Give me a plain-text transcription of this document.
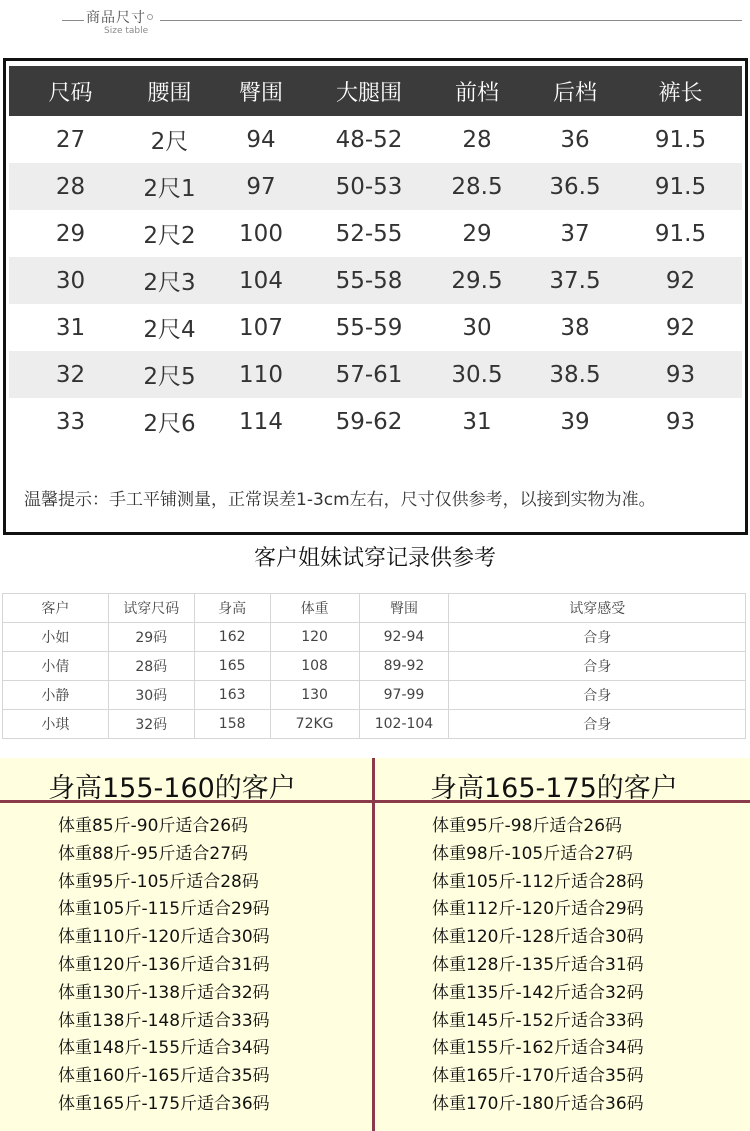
商品尺寸
Size table
尺码	腰围	臀围	大腿围	前档	后档	裤长
27	2尺	94	48-52	28	36	91.5
28	2尺1	97	50-53	28.5	36.5	91.5
29	2尺2	100	52-55	29	37	91.5
30	2尺3	104	55-58	29.5	37.5	92
31	2尺4	107	55-59	30	38	92
32	2尺5	110	57-61	30.5	38.5	93
33	2尺6	114	59-62	31	39	93
温馨提示：手工平铺测量，正常误差1-3cm左右，尺寸仅供参考，以接到实物为准。
客户姐妹试穿记录供参考
客户	试穿尺码	身高	体重	臀围	试穿感受
小如	29码	162	120	92-94	合身
小倩	28码	165	108	89-92	合身
小静	30码	163	130	97-99	合身
小琪	32码	158	72KG	102-104	合身
身高155-160的客户	身高165-175的客户
体重85斤-90斤适合26码
体重88斤-95斤适合27码
体重95斤-105斤适合28码
体重105斤-115斤适合29码
体重110斤-120斤适合30码
体重120斤-136斤适合31码
体重130斤-138斤适合32码
体重138斤-148斤适合33码
体重148斤-155斤适合34码
体重160斤-165斤适合35码
体重165斤-175斤适合36码
体重95斤-98斤适合26码
体重98斤-105斤适合27码
体重105斤-112斤适合28码
体重112斤-120斤适合29码
体重120斤-128斤适合30码
体重128斤-135斤适合31码
体重135斤-142斤适合32码
体重145斤-152斤适合33码
体重155斤-162斤适合34码
体重165斤-170斤适合35码
体重170斤-180斤适合36码
